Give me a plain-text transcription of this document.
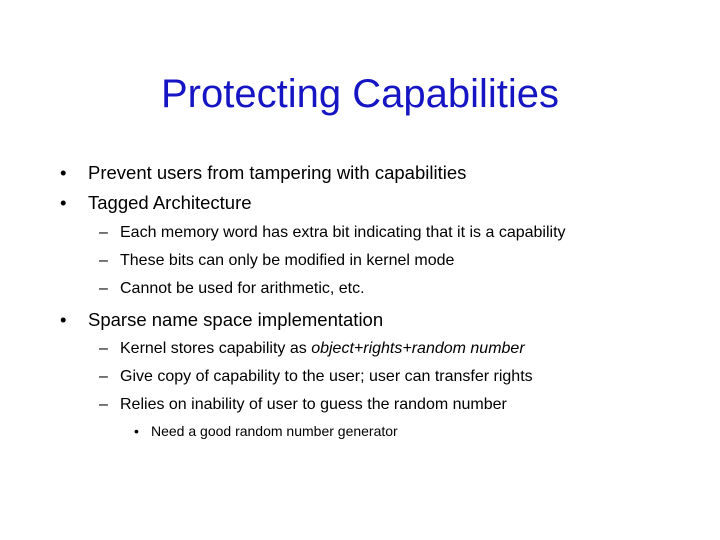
Protecting Capabilities
• Prevent users from tampering with capabilities
• Tagged Architecture
– Each memory word has extra bit indicating that it is a capability
– These bits can only be modified in kernel mode
– Cannot be used for arithmetic, etc.
• Sparse name space implementation
– Kernel stores capability as object+rights+random number
– Give copy of capability to the user; user can transfer rights
– Relies on inability of user to guess the random number
• Need a good random number generator
